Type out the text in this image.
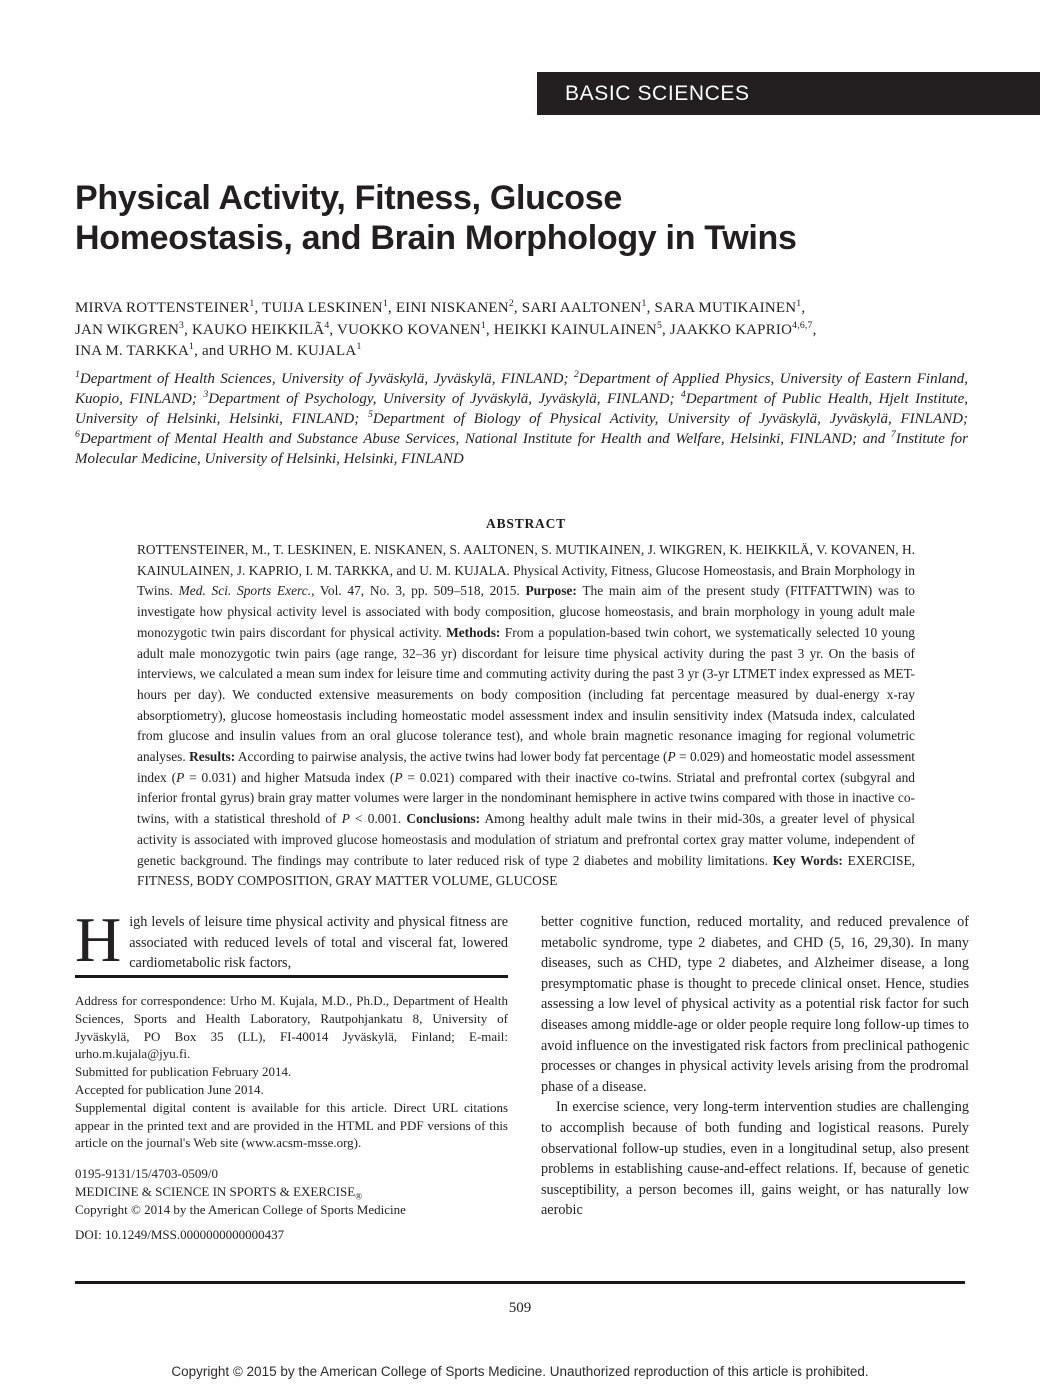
BASIC SCIENCES
Physical Activity, Fitness, Glucose
Homeostasis, and Brain Morphology in Twins
MIRVA ROTTENSTEINER$^1$, TUIJA LESKINEN$^1$, EINI NISKANEN$^2$, SARI AALTONEN$^1$, SARA MUTIKAINEN$^1$,
JAN WIKGREN$^3$, KAUKO HEIKKILÃ$^4$, VUOKKO KOVANEN$^1$, HEIKKI KAINULAINEN$^5$, JAAKKO KAPRIO$^{4,6,7}$,
INA M. TARKKA$^1$, and URHO M. KUJALA$^1$
$^1$Department of Health Sciences, University of Jyväskylä, Jyväskylä, FINLAND; $^2$Department of Applied Physics, University of Eastern Finland, Kuopio, FINLAND; $^3$Department of Psychology, University of Jyväskylä, Jyväskylä, FINLAND; $^4$Department of Public Health, Hjelt Institute, University of Helsinki, Helsinki, FINLAND; $^5$Department of Biology of Physical Activity, University of Jyväskylä, Jyväskylä, FINLAND; $^6$Department of Mental Health and Substance Abuse Services, National Institute for Health and Welfare, Helsinki, FINLAND; and $^7$Institute for Molecular Medicine, University of Helsinki, Helsinki, FINLAND
ABSTRACT
ROTTENSTEINER, M., T. LESKINEN, E. NISKANEN, S. AALTONEN, S. MUTIKAINEN, J. WIKGREN, K. HEIKKILÄ, V. KOVANEN, H. KAINULAINEN, J. KAPRIO, I. M. TARKKA, and U. M. KUJALA. Physical Activity, Fitness, Glucose Homeostasis, and Brain Morphology in Twins. Med. Sci. Sports Exerc., Vol. 47, No. 3, pp. 509–518, 2015. Purpose: The main aim of the present study (FITFATTWIN) was to investigate how physical activity level is associated with body composition, glucose homeostasis, and brain morphology in young adult male monozygotic twin pairs discordant for physical activity. Methods: From a population-based twin cohort, we systematically selected 10 young adult male monozygotic twin pairs (age range, 32–36 yr) discordant for leisure time physical activity during the past 3 yr. On the basis of interviews, we calculated a mean sum index for leisure time and commuting activity during the past 3 yr (3-yr LTMET index expressed as MET-hours per day). We conducted extensive measurements on body composition (including fat percentage measured by dual-energy x-ray absorptiometry), glucose homeostasis including homeostatic model assessment index and insulin sensitivity index (Matsuda index, calculated from glucose and insulin values from an oral glucose tolerance test), and whole brain magnetic resonance imaging for regional volumetric analyses. Results: According to pairwise analysis, the active twins had lower body fat percentage (P = 0.029) and homeostatic model assessment index (P = 0.031) and higher Matsuda index (P = 0.021) compared with their inactive co-twins. Striatal and prefrontal cortex (subgyral and inferior frontal gyrus) brain gray matter volumes were larger in the nondominant hemisphere in active twins compared with those in inactive co-twins, with a statistical threshold of P < 0.001. Conclusions: Among healthy adult male twins in their mid-30s, a greater level of physical activity is associated with improved glucose homeostasis and modulation of striatum and prefrontal cortex gray matter volume, independent of genetic background. The findings may contribute to later reduced risk of type 2 diabetes and mobility limitations. Key Words: EXERCISE, FITNESS, BODY COMPOSITION, GRAY MATTER VOLUME, GLUCOSE

High levels of leisure time physical activity and physical fitness are associated with reduced levels of total and visceral fat, lowered cardiometabolic risk factors,

Address for correspondence: Urho M. Kujala, M.D., Ph.D., Department of Health Sciences, Sports and Health Laboratory, Rautpohjankatu 8, University of Jyväskylä, PO Box 35 (LL), FI-40014 Jyväskylä, Finland; E-mail: urho.m.kujala@jyu.fi.

Submitted for publication February 2014.

Accepted for publication June 2014.

Supplemental digital content is available for this article. Direct URL citations appear in the printed text and are provided in the HTML and PDF versions of this article on the journal's Web site (www.acsm-msse.org).

0195-9131/15/4703-0509/0

MEDICINE & SCIENCE IN SPORTS & $EXERCISE_®$

Copyright © 2014 by the American College of Sports Medicine

DOI: 10.1249/MSS.0000000000000437

better cognitive function, reduced mortality, and reduced prevalence of metabolic syndrome, type 2 diabetes, and CHD (5, 16, 29,30). In many diseases, such as CHD, type 2 diabetes, and Alzheimer disease, a long presymptomatic phase is thought to precede clinical onset. Hence, studies assessing a low level of physical activity as a potential risk factor for such diseases among middle-age or older people require long follow-up times to avoid influence on the investigated risk factors from preclinical pathogenic processes or changes in physical activity levels arising from the prodromal phase of a disease.

In exercise science, very long-term intervention studies are challenging to accomplish because of both funding and logistical reasons. Purely observational follow-up studies, even in a longitudinal setup, also present problems in establishing cause-and-effect relations. If, because of genetic susceptibility, a person becomes ill, gains weight, or has naturally low aerobic

509
Copyright © 2015 by the American College of Sports Medicine. Unauthorized reproduction of this article is prohibited.
